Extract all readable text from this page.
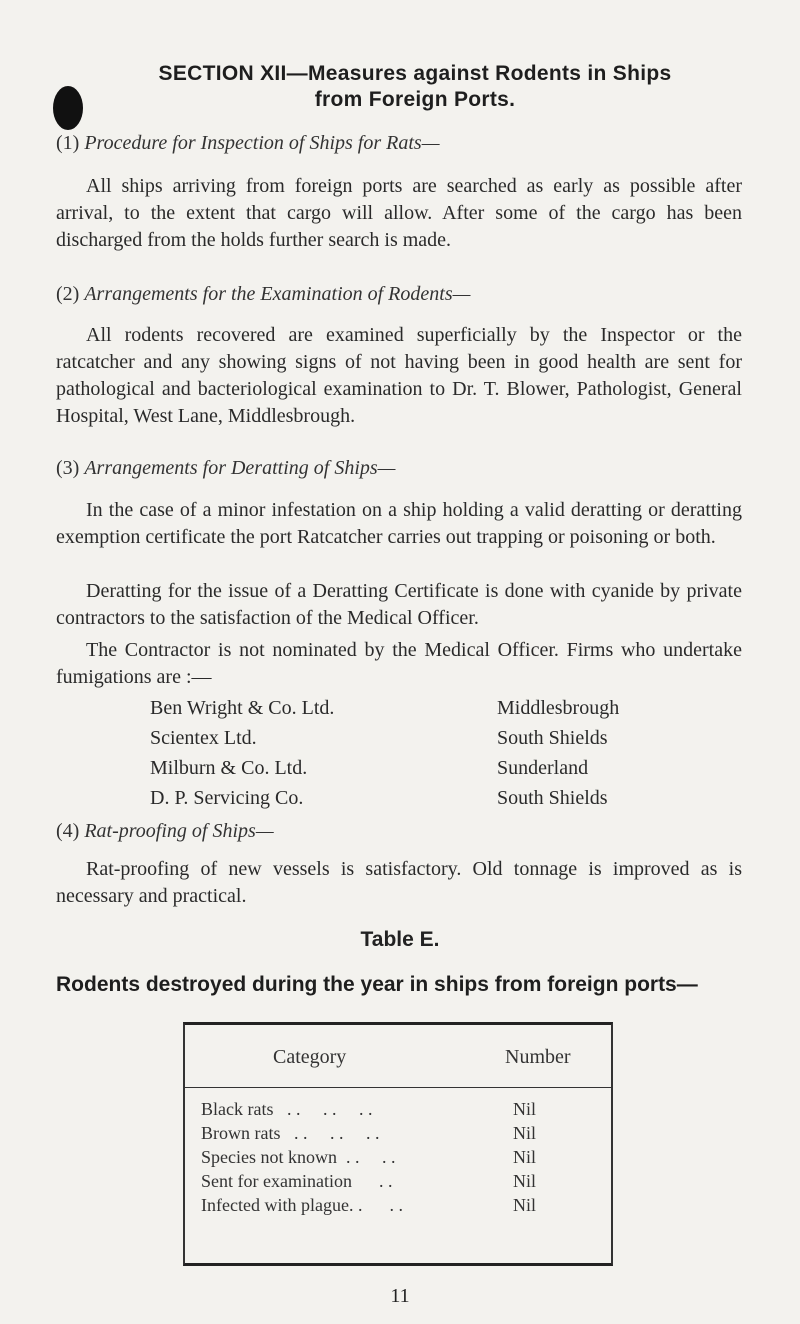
SECTION XII—Measures against Rodents in Ships
from Foreign Ports.
(1) Procedure for Inspection of Ships for Rats—
All ships arriving from foreign ports are searched as early as possible after arrival, to the extent that cargo will allow. After some of the cargo has been discharged from the holds further search is made.
(2) Arrangements for the Examination of Rodents—
All rodents recovered are examined superficially by the Inspector or the ratcatcher and any showing signs of not having been in good health are sent for pathological and bacteriological examination to Dr. T. Blower, Pathologist, General Hospital, West Lane, Middlesbrough.
(3) Arrangements for Deratting of Ships—
In the case of a minor infestation on a ship holding a valid deratting or deratting exemption certificate the port Ratcatcher carries out trapping or poisoning or both.
Deratting for the issue of a Deratting Certificate is done with cyanide by private contractors to the satisfaction of the Medical Officer.
The Contractor is not nominated by the Medical Officer. Firms who undertake fumigations are :—
Ben Wright & Co. Ltd.	Middlesbrough
Scientex Ltd.	South Shields
Milburn & Co. Ltd.	Sunderland
D. P. Servicing Co.	South Shields
(4) Rat-proofing of Ships—
Rat-proofing of new vessels is satisfactory. Old tonnage is improved as is necessary and practical.
Table E.
Rodents destroyed during the year in ships from foreign ports—
Category	Number
Black rats . .     . .     . .	Nil
Brown rats . .     . .     . .	Nil
Species not known . .     . .	Nil
Sent for examination . .	Nil
Infected with plague. . . .	Nil
11
